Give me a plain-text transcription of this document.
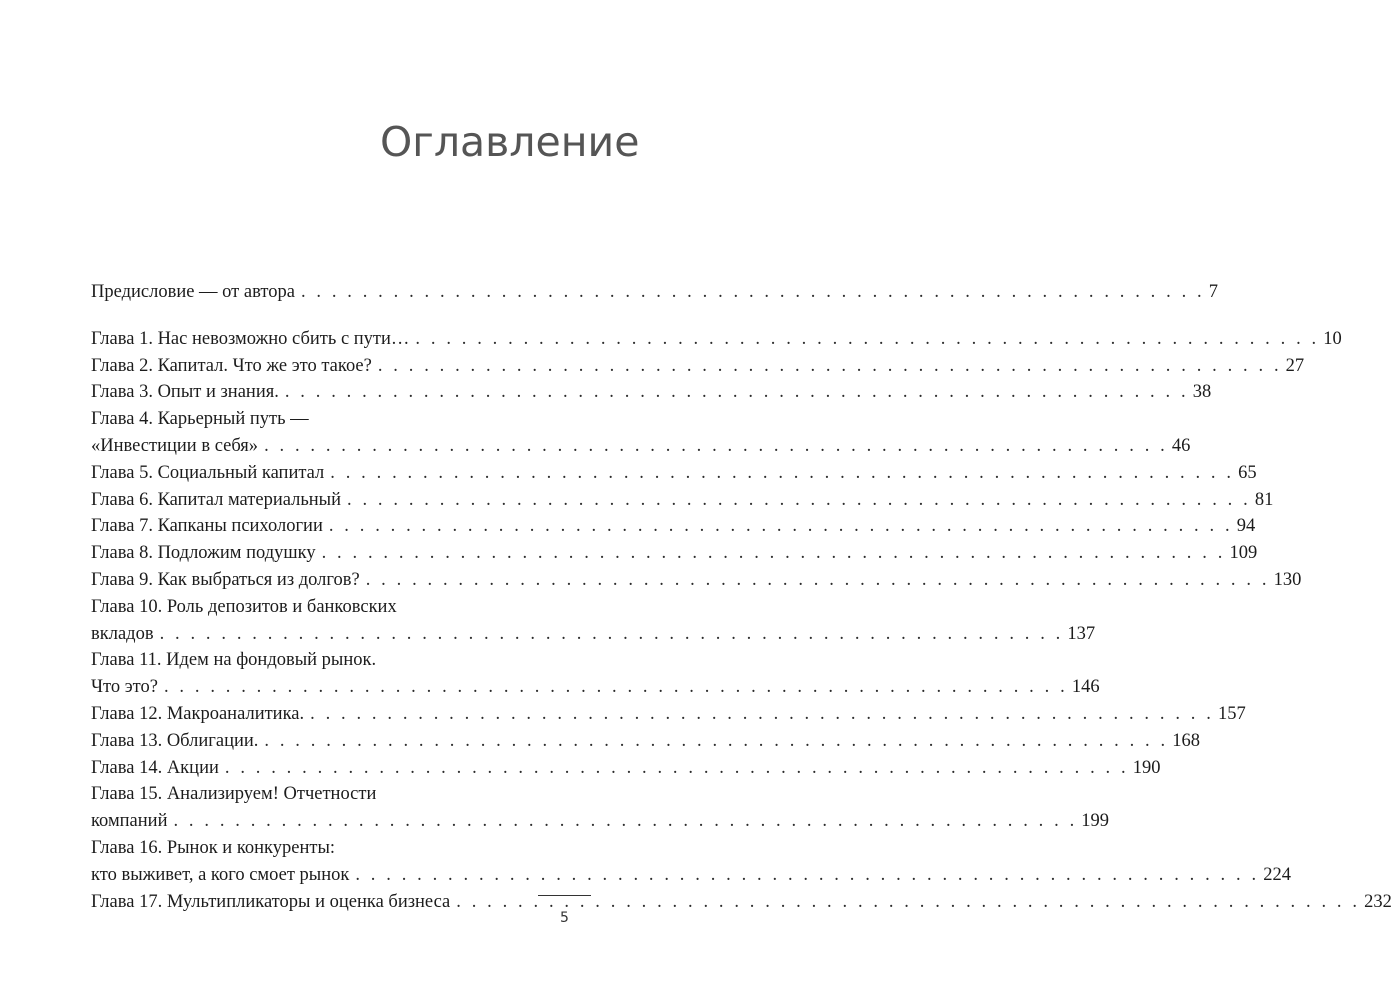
Оглавление
Предисловие — от автора . . . . . . . . . . . . . . . . . . . . . . . . . . . . . . . . . . . . . . . . . . . . . . . . . . . . . . . . . . . 7
Глава 1. Нас невозможно сбить с пути… . . . . . . . . . . . . . . . . . . . . . . . . . . . . . . . . . . . . . . . . . . . . . . . . . . . . . . . . . . . 10
Глава 2. Капитал. Что же это такое? . . . . . . . . . . . . . . . . . . . . . . . . . . . . . . . . . . . . . . . . . . . . . . . . . . . . . . . . . . . 27
Глава 3. Опыт и знания. . . . . . . . . . . . . . . . . . . . . . . . . . . . . . . . . . . . . . . . . . . . . . . . . . . . . . . . . . . . 38
Глава 4. Карьерный путь —
«Инвестиции в себя» . . . . . . . . . . . . . . . . . . . . . . . . . . . . . . . . . . . . . . . . . . . . . . . . . . . . . . . . . . . 46
Глава 5. Социальный капитал . . . . . . . . . . . . . . . . . . . . . . . . . . . . . . . . . . . . . . . . . . . . . . . . . . . . . . . . . . . 65
Глава 6. Капитал материальный . . . . . . . . . . . . . . . . . . . . . . . . . . . . . . . . . . . . . . . . . . . . . . . . . . . . . . . . . . . 81
Глава 7. Капканы психологии . . . . . . . . . . . . . . . . . . . . . . . . . . . . . . . . . . . . . . . . . . . . . . . . . . . . . . . . . . . 94
Глава 8. Подложим подушку . . . . . . . . . . . . . . . . . . . . . . . . . . . . . . . . . . . . . . . . . . . . . . . . . . . . . . . . . . . 109
Глава 9. Как выбраться из долгов? . . . . . . . . . . . . . . . . . . . . . . . . . . . . . . . . . . . . . . . . . . . . . . . . . . . . . . . . . . . 130
Глава 10. Роль депозитов и банковских
вкладов . . . . . . . . . . . . . . . . . . . . . . . . . . . . . . . . . . . . . . . . . . . . . . . . . . . . . . . . . . . 137
Глава 11. Идем на фондовый рынок.
Что это? . . . . . . . . . . . . . . . . . . . . . . . . . . . . . . . . . . . . . . . . . . . . . . . . . . . . . . . . . . . 146
Глава 12. Макроаналитика. . . . . . . . . . . . . . . . . . . . . . . . . . . . . . . . . . . . . . . . . . . . . . . . . . . . . . . . . . . . 157
Глава 13. Облигации. . . . . . . . . . . . . . . . . . . . . . . . . . . . . . . . . . . . . . . . . . . . . . . . . . . . . . . . . . . . 168
Глава 14. Акции . . . . . . . . . . . . . . . . . . . . . . . . . . . . . . . . . . . . . . . . . . . . . . . . . . . . . . . . . . . 190
Глава 15. Анализируем! Отчетности
компаний . . . . . . . . . . . . . . . . . . . . . . . . . . . . . . . . . . . . . . . . . . . . . . . . . . . . . . . . . . . 199
Глава 16. Рынок и конкуренты:
кто выживет, а кого смоет рынок . . . . . . . . . . . . . . . . . . . . . . . . . . . . . . . . . . . . . . . . . . . . . . . . . . . . . . . . . . . 224
Глава 17. Мультипликаторы и оценка бизнеса . . . . . . . . . . . . . . . . . . . . . . . . . . . . . . . . . . . . . . . . . . . . . . . . . . . . . . . . . . . 232
5
